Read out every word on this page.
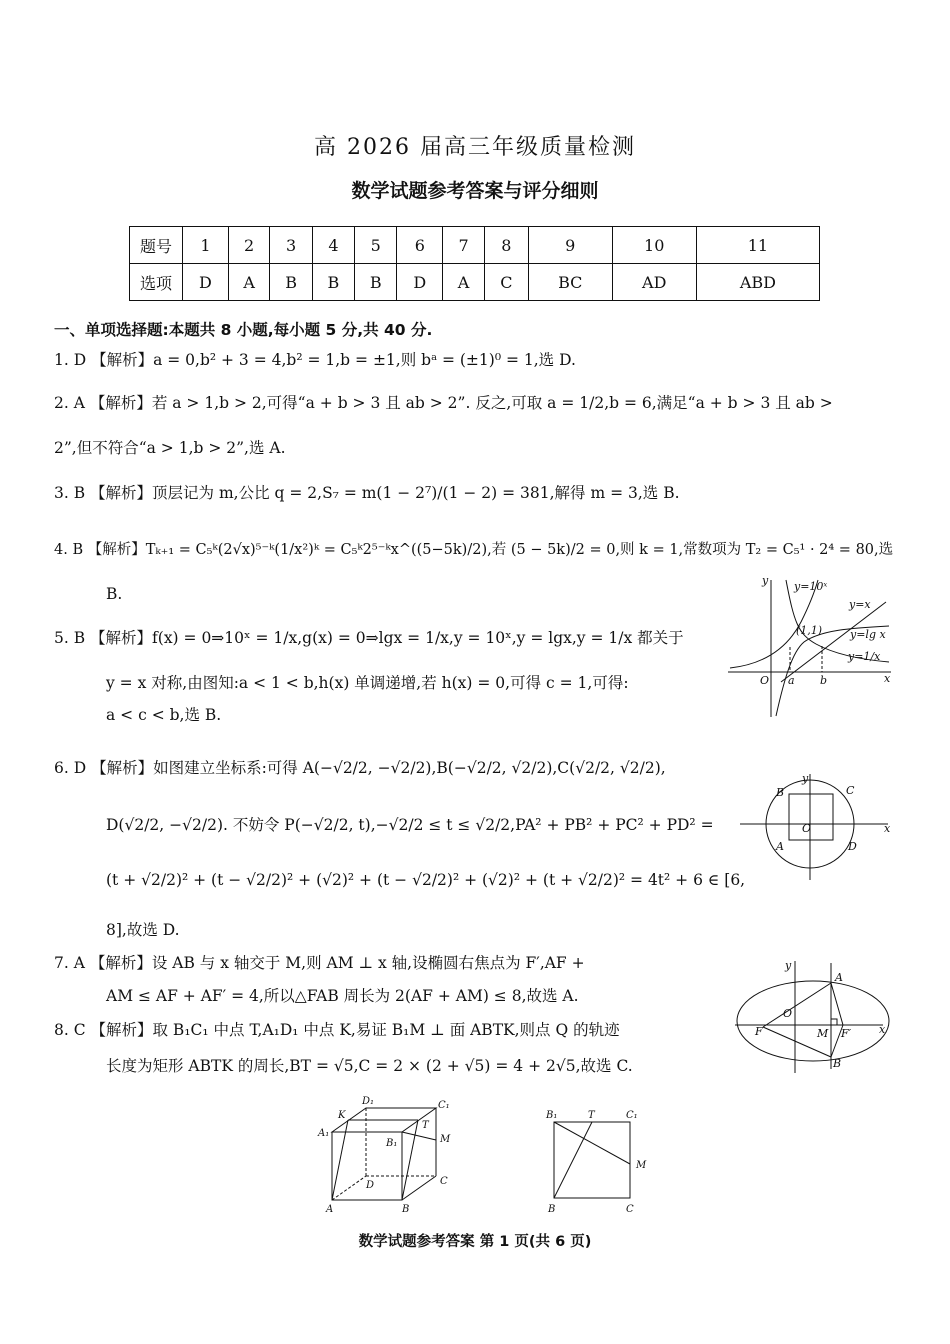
高 2026 届高三年级质量检测
数学试题参考答案与评分细则
题号	1	2	3	4	5	6	7	8	9	10	11
选项	D	A	B	B	B	D	A	C	BC	AD	ABD
一、单项选择题:本题共 8 小题,每小题 5 分,共 40 分.
1. D 【解析】a = 0,b² + 3 = 4,b² = 1,b = ±1,则 bᵃ = (±1)⁰ = 1,选 D.
2. A 【解析】若 a > 1,b > 2,可得“a + b > 3 且 ab > 2”. 反之,可取 a = 1/2,b = 6,满足“a + b > 3 且 ab >
2”,但不符合“a > 1,b > 2”,选 A.
3. B 【解析】顶层记为 m,公比 q = 2,S₇ = m(1 − 2⁷)/(1 − 2) = 381,解得 m = 3,选 B.
4. B 【解析】Tₖ₊₁ = C₅ᵏ(2√x)⁵⁻ᵏ(1/x²)ᵏ = C₅ᵏ2⁵⁻ᵏx^((5−5k)/2),若 (5 − 5k)/2 = 0,则 k = 1,常数项为 T₂ = C₅¹ · 2⁴ = 80,选
B.
5. B 【解析】f(x) = 0⇒10ˣ = 1/x,g(x) = 0⇒lgx = 1/x,y = 10ˣ,y = lgx,y = 1/x 都关于
y = x 对称,由图知:a < 1 < b,h(x) 单调递增,若 h(x) = 0,可得 c = 1,可得:
a < c < b,选 B.
6. D 【解析】如图建立坐标系:可得 A(−√2/2, −√2/2),B(−√2/2, √2/2),C(√2/2, √2/2),
D(√2/2, −√2/2). 不妨令 P(−√2/2, t),−√2/2 ≤ t ≤ √2/2,PA² + PB² + PC² + PD² =
(t + √2/2)² + (t − √2/2)² + (√2)² + (t − √2/2)² + (√2)² + (t + √2/2)² = 4t² + 6 ∈ [6,
8],故选 D.
7. A 【解析】设 AB 与 x 轴交于 M,则 AM ⊥ x 轴,设椭圆右焦点为 F′,AF +
AM ≤ AF + AF′ = 4,所以△FAB 周长为 2(AF + AM) ≤ 8,故选 A.
8. C 【解析】取 B₁C₁ 中点 T,A₁D₁ 中点 K,易证 B₁M ⊥ 面 ABTK,则点 Q 的轨迹
长度为矩形 ABTK 的周长,BT = √5,C = 2 × (2 + √5) = 4 + 2√5,故选 C.
y=10ˣ
y=x
y=lg x
y=1/x
(1,1)
a b
O	x
y
B	C
A	D
O	x
y
A
B
F	F′
M
O
x
y
A₁
K
D₁	C₁
B₁
T
M
D	C
A	B
B₁	T	C₁
M
B	C
数学试题参考答案 第 1 页(共 6 页)
